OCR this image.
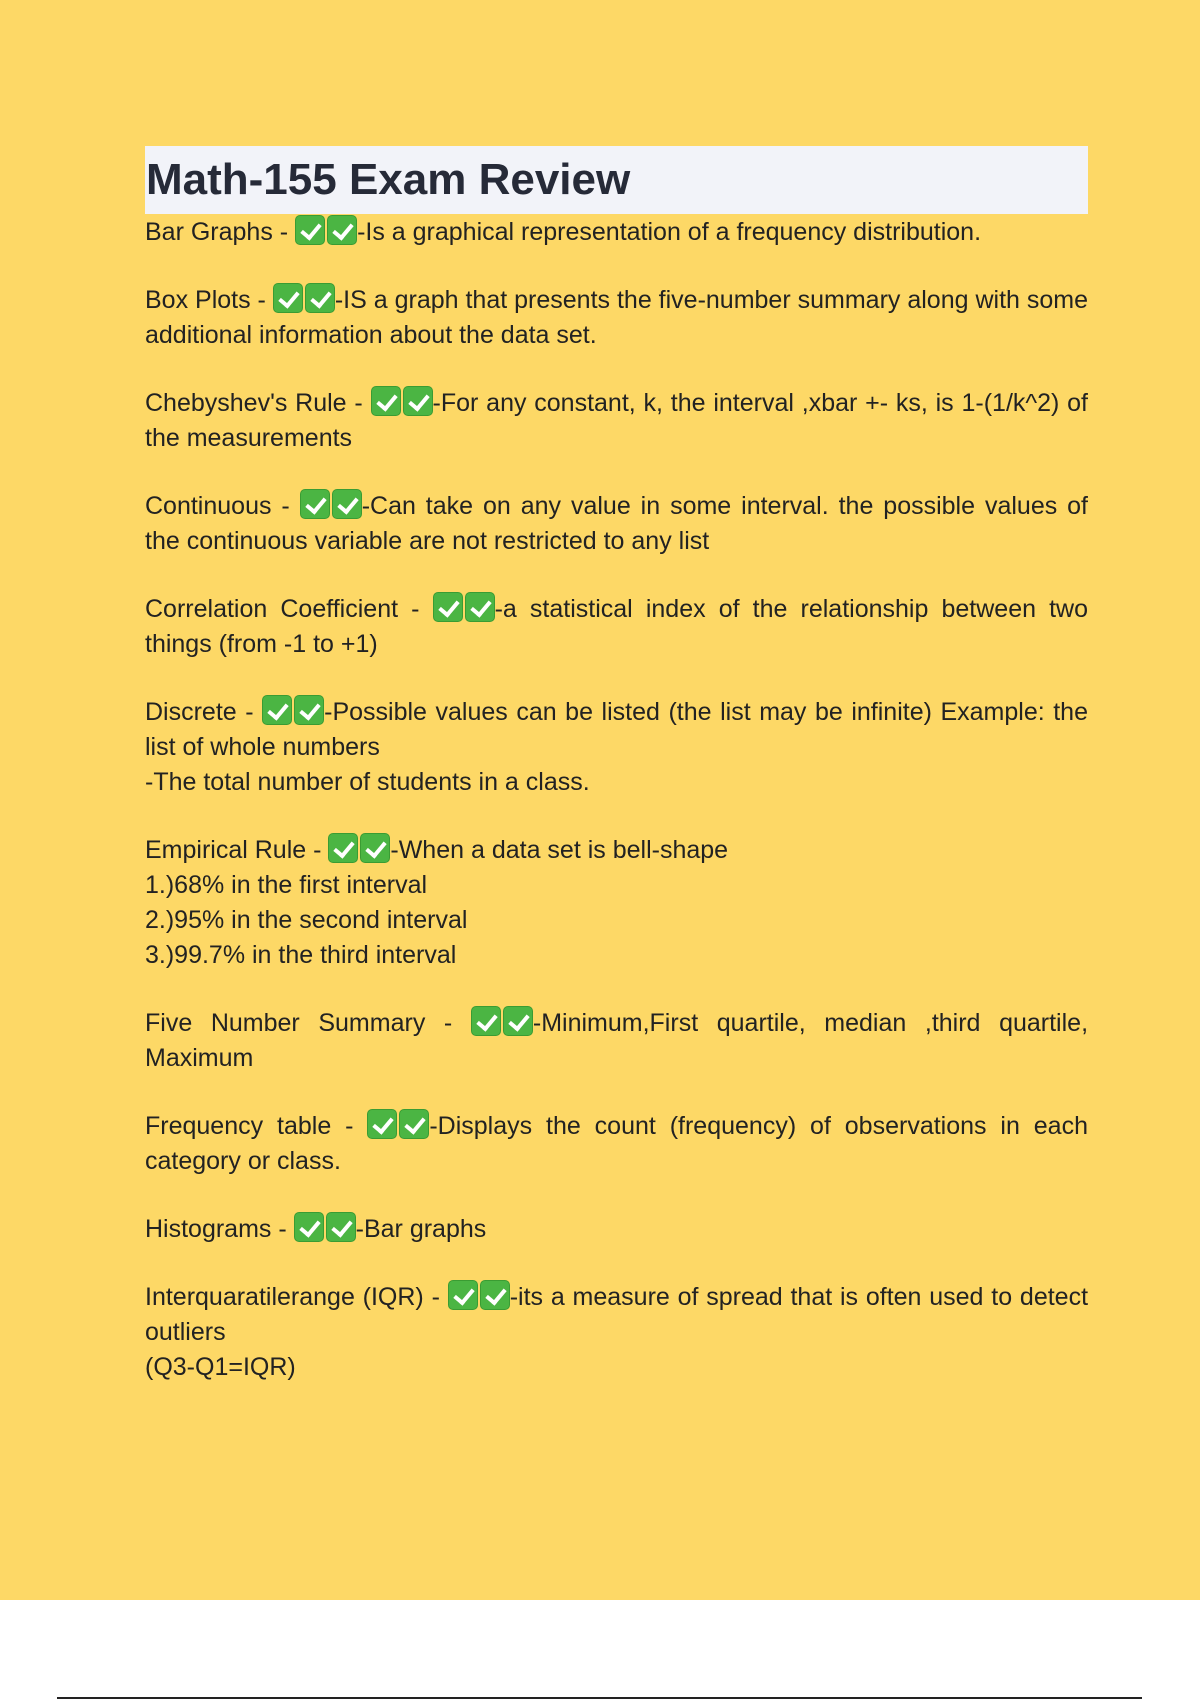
Math-155 Exam Review
Bar Graphs - -Is a graphical representation of a frequency distribution.
Box Plots - -IS a graph that presents the five-number summary along with some additional information about the data set.
Chebyshev's Rule - -For any constant, k, the interval ,xbar +- ks, is 1-(1/k^2) of the measurements
Continuous - -Can take on any value in some interval. the possible values of the continuous variable are not restricted to any list
Correlation Coefficient - -a statistical index of the relationship between two things (from -1 to +1)
Discrete - -Possible values can be listed (the list may be infinite) Example: the list of whole numbers
-The total number of students in a class.
Empirical Rule - -When a data set is bell-shape
1.)68% in the first interval
2.)95% in the second interval
3.)99.7% in the third interval
Five Number Summary - -Minimum,First quartile, median ,third quartile, Maximum
Frequency table - -Displays the count (frequency) of observations in each category or class.
Histograms - -Bar graphs
Interquaratilerange (IQR) - -its a measure of spread that is often used to detect outliers
(Q3-Q1=IQR)
